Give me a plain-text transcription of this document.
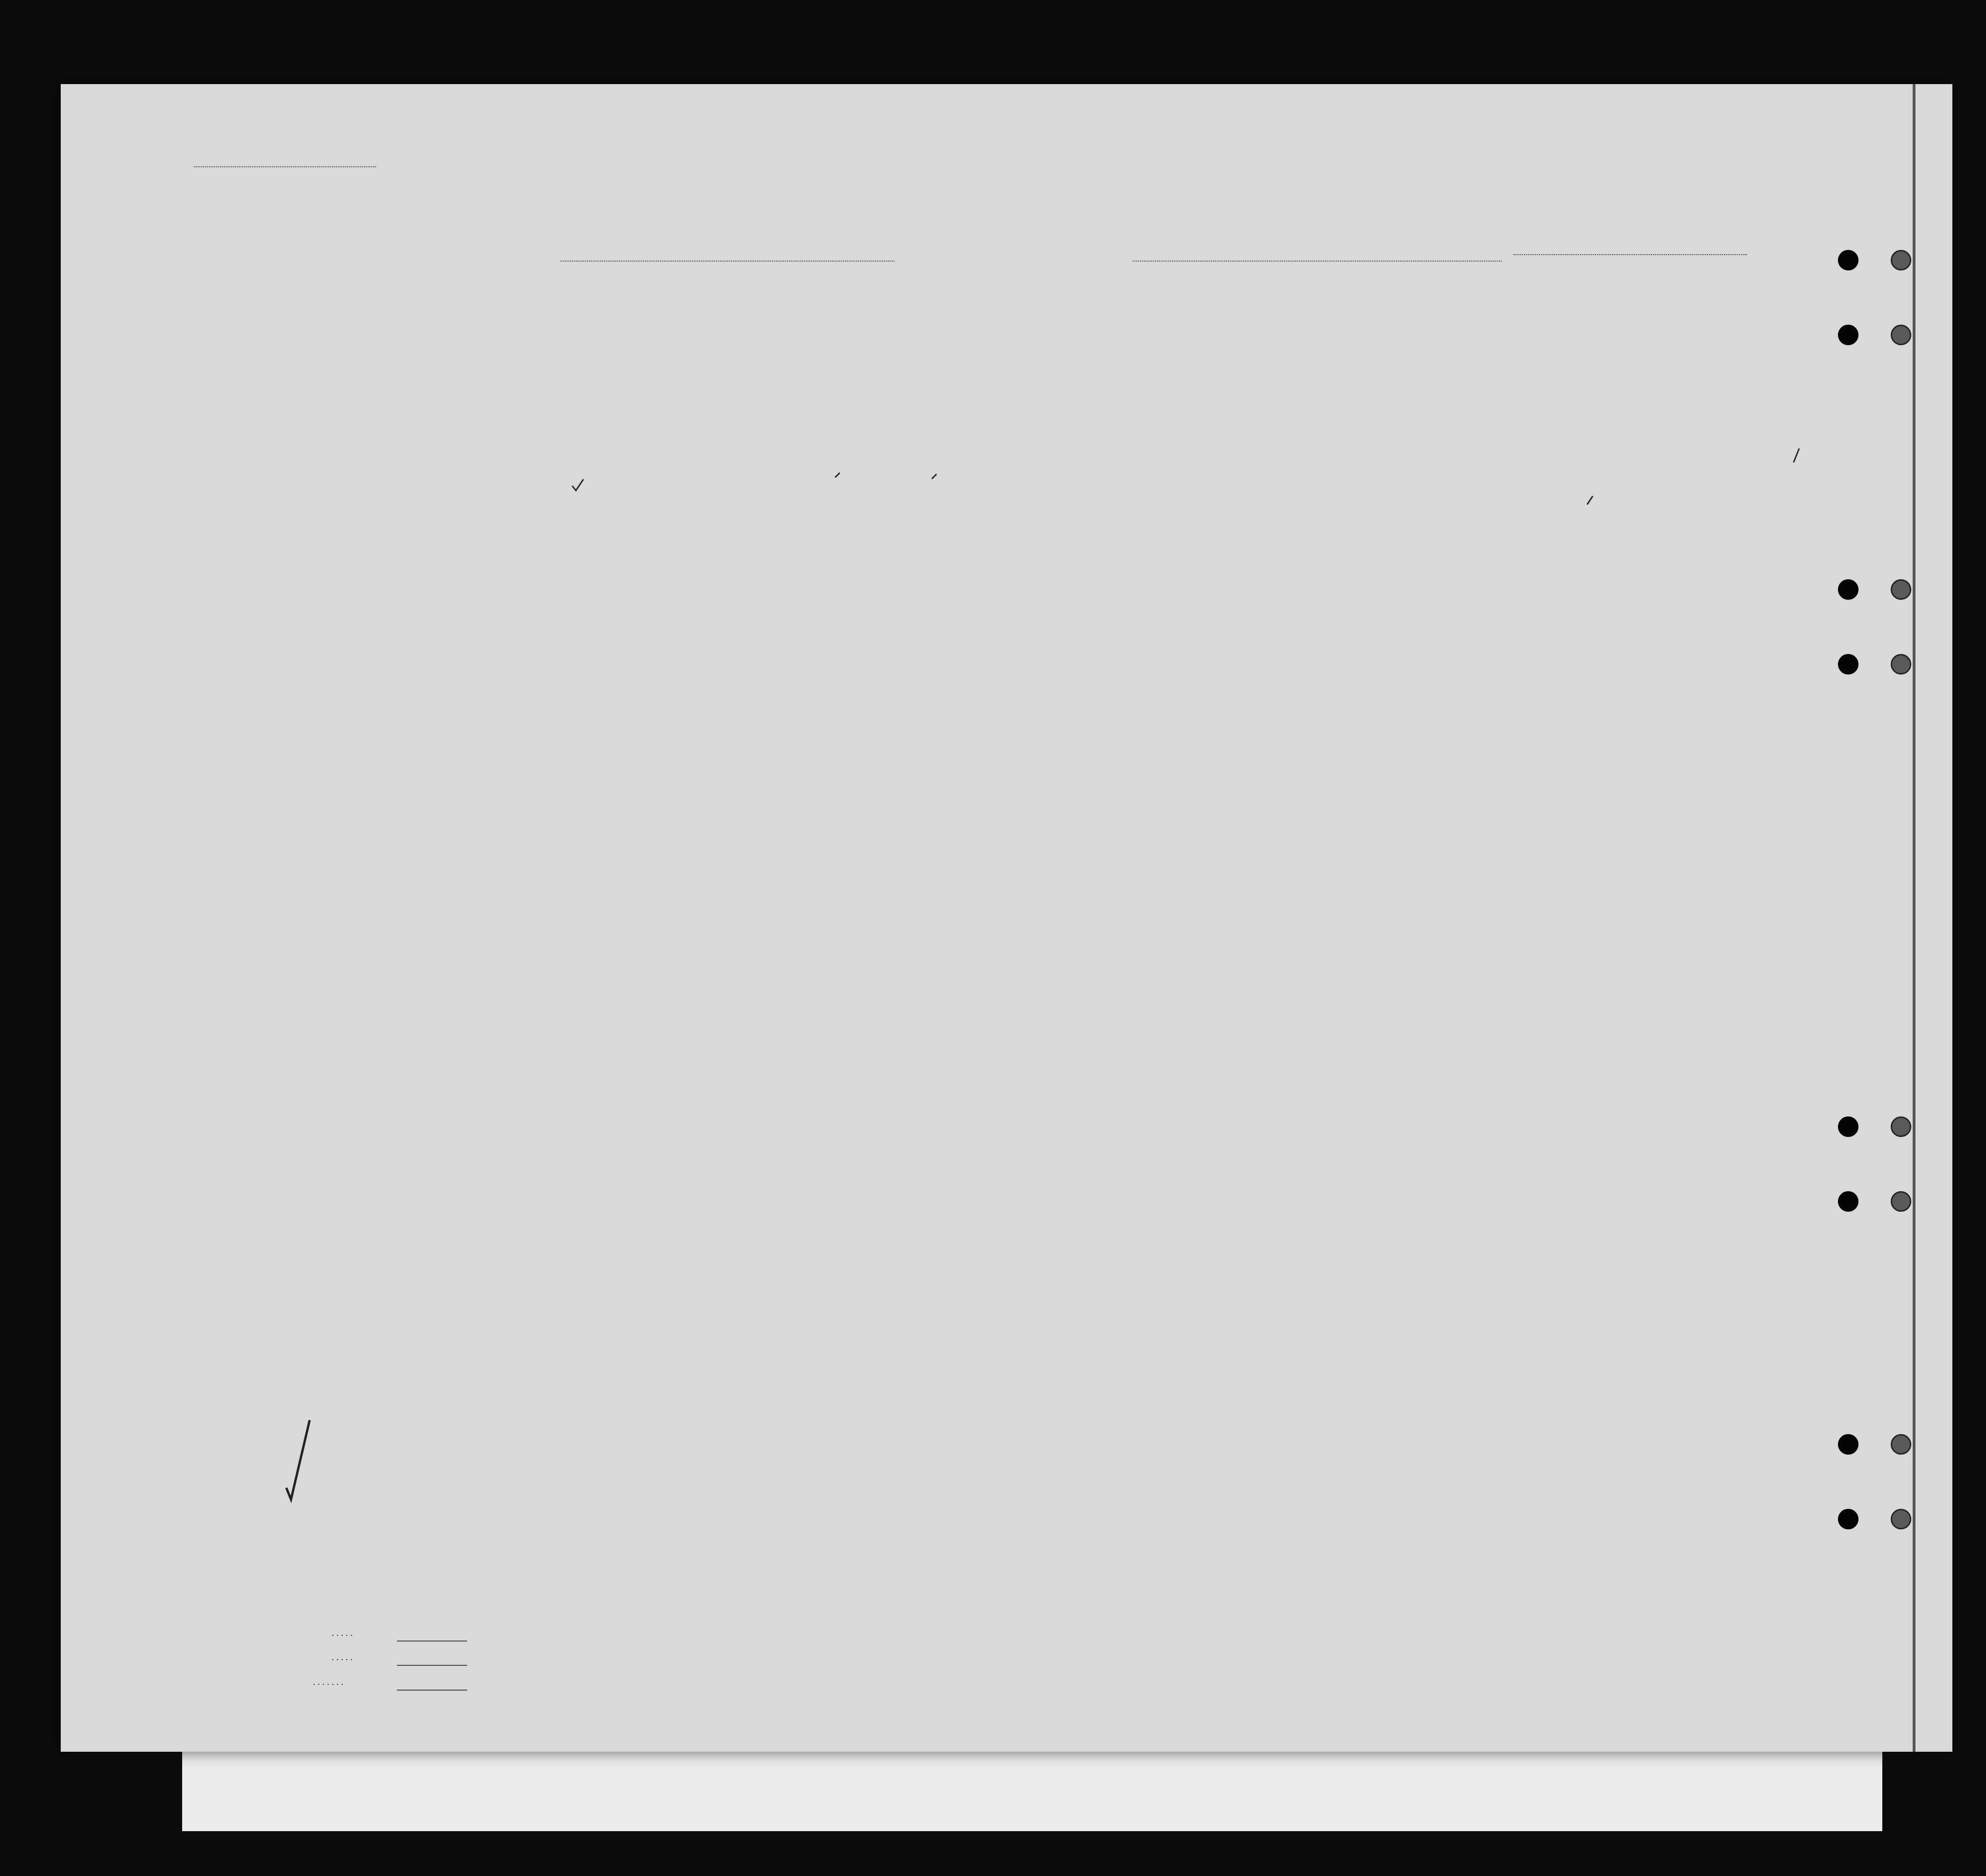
. . . . .
. . . . .
. . . . . . .
